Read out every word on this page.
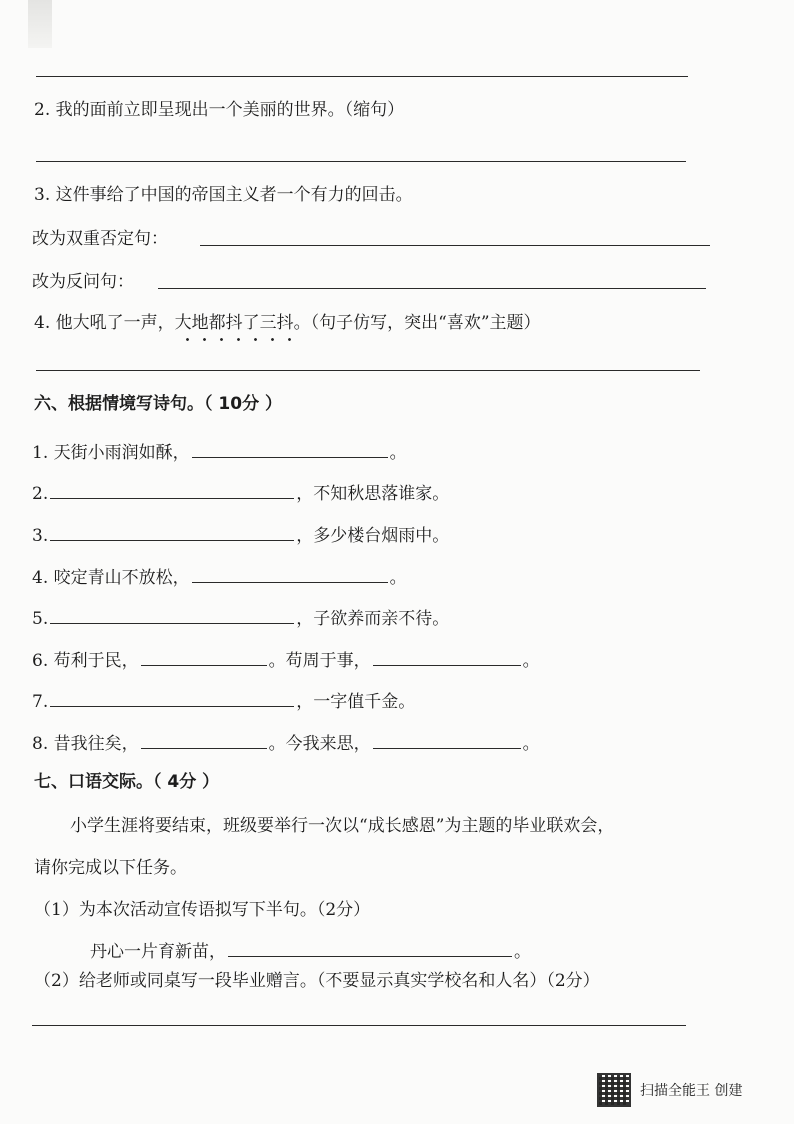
2. 我的面前立即呈现出一个美丽的世界。（缩句）
3. 这件事给了中国的帝国主义者一个有力的回击。
改为双重否定句：
改为反问句：
4. 他大吼了一声，大地都抖了三抖。（句子仿写，突出“喜欢”主题）
六、根据情境写诗句。（ 10分 ）
1. 天街小雨润如酥，	。
2.	，不知秋思落谁家。
3.	，多少楼台烟雨中。
4. 咬定青山不放松，	。
5.	，子欲养而亲不待。
6. 苟利于民，	。苟周于事，	。
7.	，一字值千金。
8. 昔我往矣，	。今我来思，	。
七、口语交际。（ 4分 ）
小学生涯将要结束，班级要举行一次以“成长感恩”为主题的毕业联欢会，
请你完成以下任务。
（1）为本次活动宣传语拟写下半句。（2分）
丹心一片育新苗，	。
（2）给老师或同桌写一段毕业赠言。（不要显示真实学校名和人名）（2分）
扫描全能王 创建
